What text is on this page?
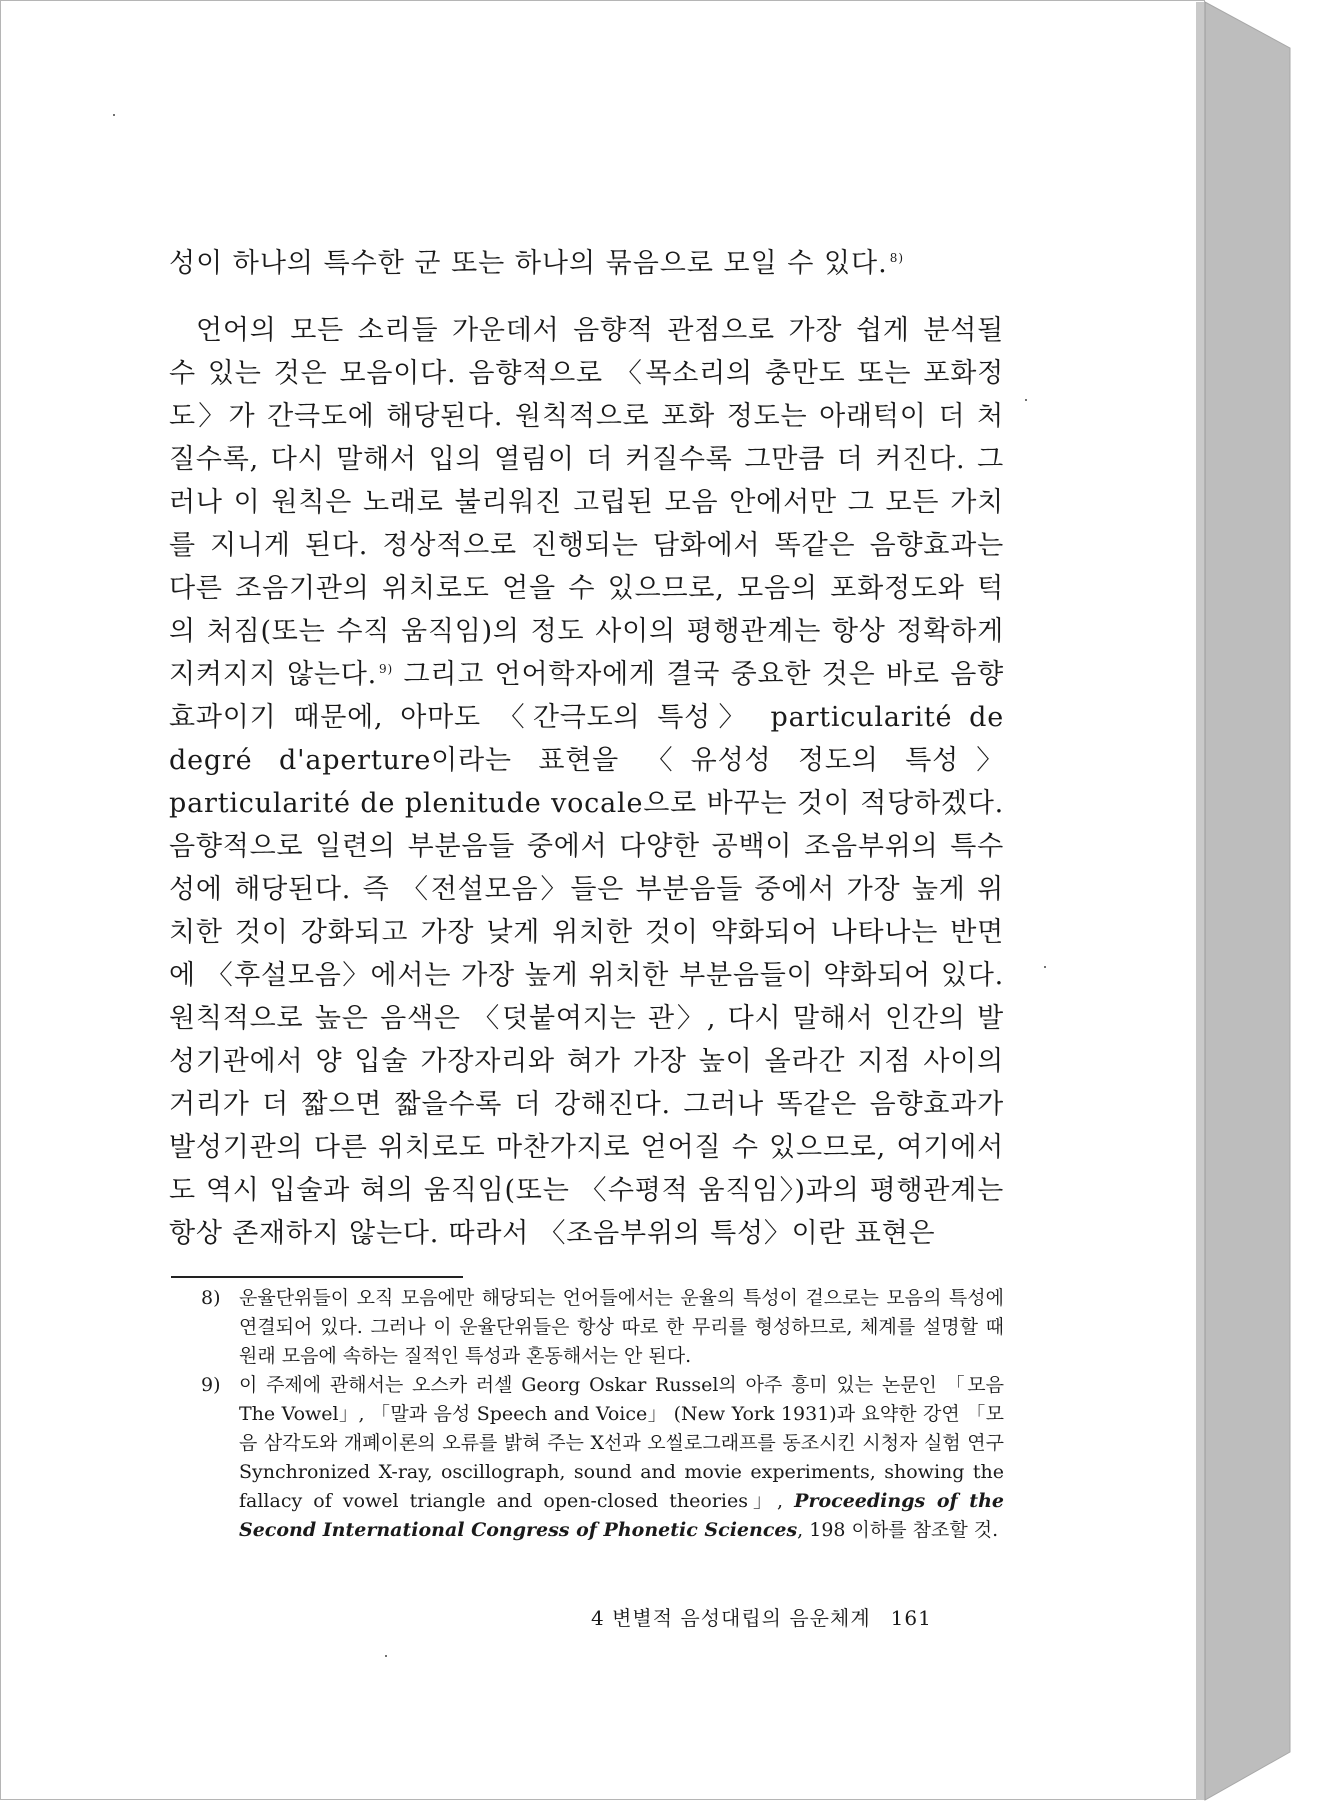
성이 하나의 특수한 군 또는 하나의 묶음으로 모일 수 있다. $^{8)}$
언어의 모든 소리들 가운데서 음향적 관점으로 가장 쉽게 분석될 수 있는 것은 모음이다. 음향적으로 〈목소리의 충만도 또는 포화정도〉가 간극도에 해당된다. 원칙적으로 포화 정도는 아래턱이 더 처질수록, 다시 말해서 입의 열림이 더 커질수록 그만큼 더 커진다. 그러나 이 원칙은 노래로 불리워진 고립된 모음 안에서만 그 모든 가치를 지니게 된다. 정상적으로 진행되는 담화에서 똑같은 음향효과는 다른 조음기관의 위치로도 얻을 수 있으므로, 모음의 포화정도와 턱의 처짐(또는 수직 움직임)의 정도 사이의 평행관계는 항상 정확하게 지켜지지 않는다. $^{9)}$ 그리고 언어학자에게 결국 중요한 것은 바로 음향효과이기 때문에, 아마도 〈간극도의 특성〉 particularité de degré d'aperture이라는 표현을 〈유성성 정도의 특성〉 particularité de plenitude vocale으로 바꾸는 것이 적당하겠다. 음향적으로 일련의 부분음들 중에서 다양한 공백이 조음부위의 특수성에 해당된다. 즉 〈전설모음〉들은 부분음들 중에서 가장 높게 위치한 것이 강화되고 가장 낮게 위치한 것이 약화되어 나타나는 반면에 〈후설모음〉에서는 가장 높게 위치한 부분음들이 약화되어 있다. 원칙적으로 높은 음색은 〈덧붙여지는 관〉, 다시 말해서 인간의 발성기관에서 양 입술 가장자리와 혀가 가장 높이 올라간 지점 사이의 거리가 더 짧으면 짧을수록 더 강해진다. 그러나 똑같은 음향효과가 발성기관의 다른 위치로도 마찬가지로 얻어질 수 있으므로, 여기에서도 역시 입술과 혀의 움직임(또는 〈수평적 움직임〉)과의 평행관계는 항상 존재하지 않는다. 따라서 〈조음부위의 특성〉이란 표현은
8) 운율단위들이 오직 모음에만 해당되는 언어들에서는 운율의 특성이 겉으로는 모음의 특성에 연결되어 있다. 그러나 이 운율단위들은 항상 따로 한 무리를 형성하므로, 체계를 설명할 때 원래 모음에 속하는 질적인 특성과 혼동해서는 안 된다.
9) 이 주제에 관해서는 오스카 러셀 Georg Oskar Russel의 아주 흥미 있는 논문인 「모음 The Vowel」, 「말과 음성 Speech and Voice」 (New York 1931)과 요약한 강연 「모음 삼각도와 개폐이론의 오류를 밝혀 주는 X선과 오씰로그래프를 동조시킨 시청자 실험 연구 Synchronized X-ray, oscillograph, sound and movie experiments, showing the fallacy of vowel triangle and open-closed theories」, Proceedings of the Second International Congress of Phonetic Sciences, 198 이하를 참조할 것.
4 변별적 음성대립의 음운체계 161
